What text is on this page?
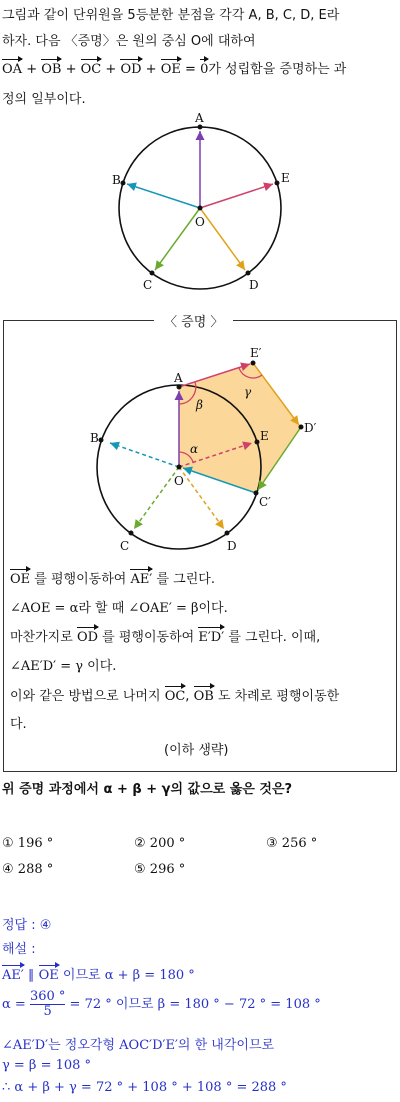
그림과 같이 단위원을 5등분한 분점을 각각 A, B, C, D, E라
하자. 다음 〈증명〉은 원의 중심 O에 대하여
OA + OB + OC + OD + OE = 0가 성립함을 증명하는 과
정의 일부이다.
A
B
C	D
E
O
〈 증명 〉
A
B
C	D
E
O
E′
D′
C′
α
β
γ
OE 를 평행이동하여 AE′ 를 그린다.
∠AOE = α라 할 때 ∠OAE′ = β이다.
마찬가지로 OD 를 평행이동하여 E′D′ 를 그린다. 이때,
∠AE′D′ = γ 이다.
이와 같은 방법으로 나머지 OC, OB 도 차례로 평행이동한
다.
(이하 생략)
위 증명 과정에서 α + β + γ의 값으로 옳은 것은?
① 196 °	② 200 °	③ 256 °
④ 288 °	⑤ 296 °
정답 : ④
해설 :
AE′ ∥ OE 이므로 α + β = 180 °
$\alpha = \frac{360 ^\circ}{5} = 72$ ° 이므로 β = 180 ° − 72 ° = 108 °
∠AE′D′는 정오각형 AOC′D′E′의 한 내각이므로
γ = β = 108 °
∴ α + β + γ = 72 ° + 108 ° + 108 ° = 288 °
